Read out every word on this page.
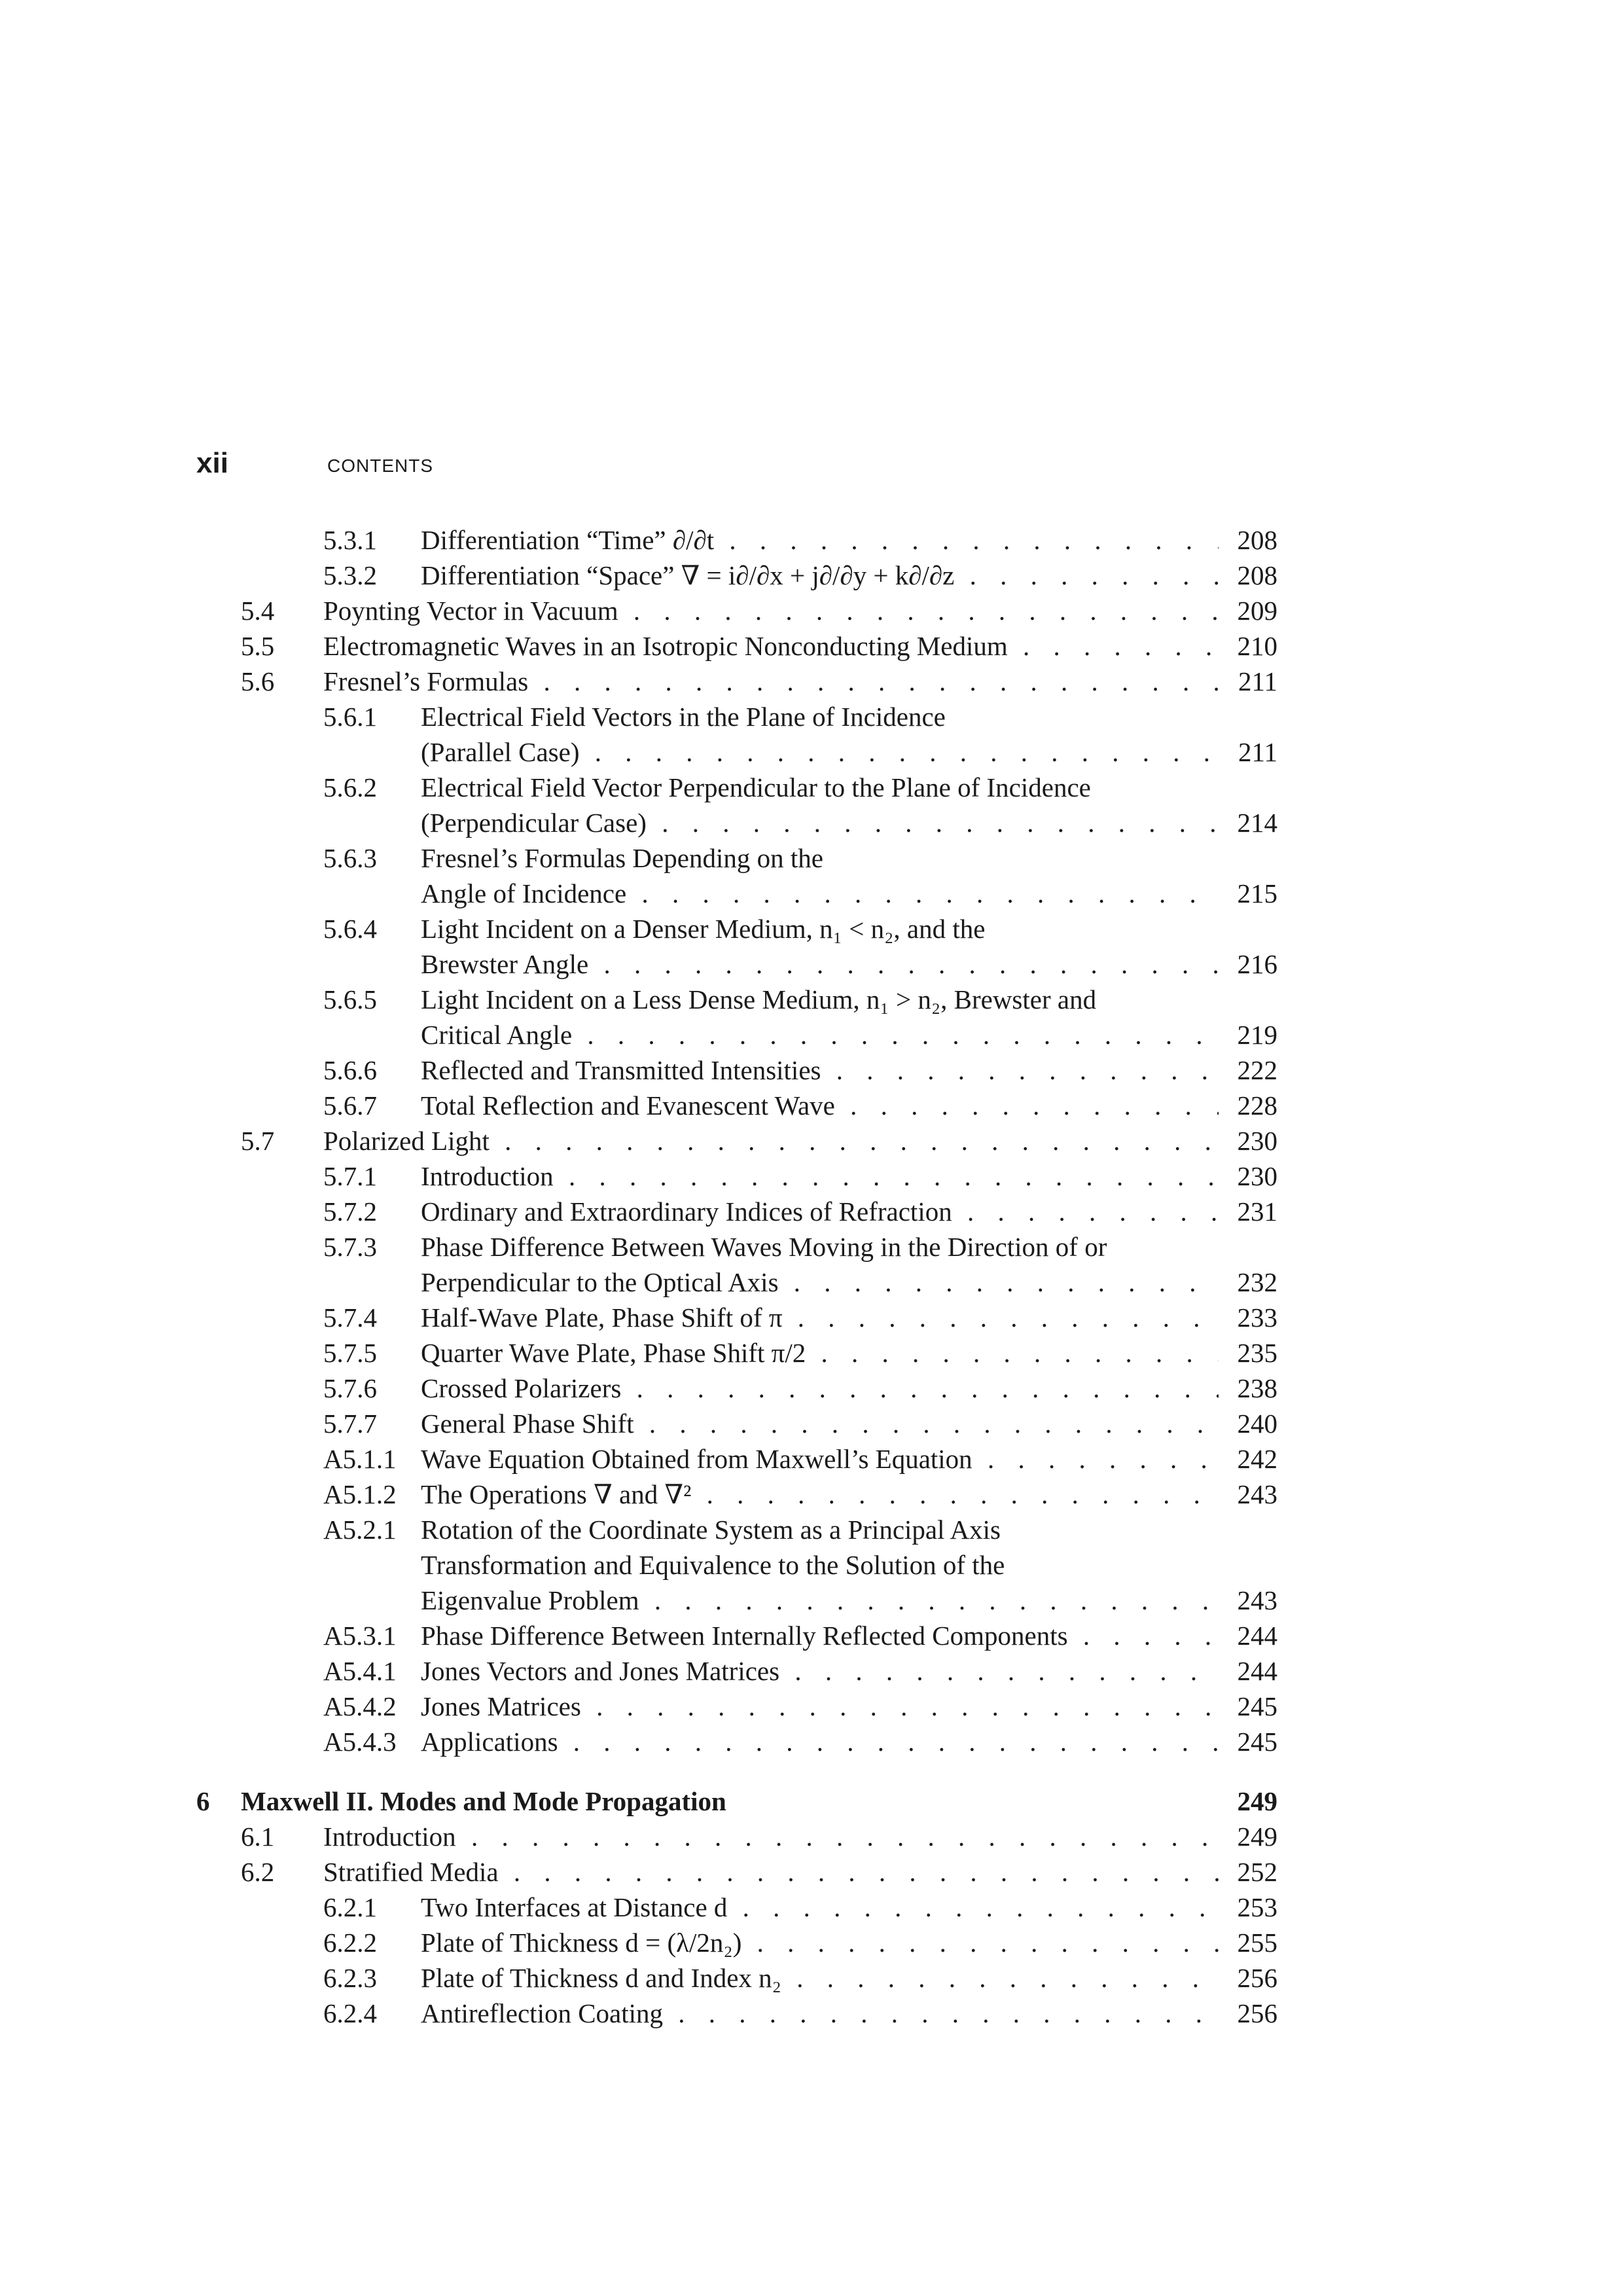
xii	CONTENTS
5.3.1 Differentiation “Time” ∂/∂t . . .	208
5.3.2 Differentiation “Space” ∇ = i∂/∂x + j∂/∂y + k∂/∂z . . .	208
5.4 Poynting Vector in Vacuum . . .	209
5.5 Electromagnetic Waves in an Isotropic Nonconducting Medium . . .	210
5.6 Fresnel’s Formulas . . .	211
5.6.1 Electrical Field Vectors in the Plane of Incidence
(Parallel Case) . . .	211
5.6.2 Electrical Field Vector Perpendicular to the Plane of Incidence
(Perpendicular Case) . . .	214
5.6.3 Fresnel’s Formulas Depending on the
Angle of Incidence . . .	215
5.6.4 Light Incident on a Denser Medium, n₁ < n₂, and the
Brewster Angle . . .	216
5.6.5 Light Incident on a Less Dense Medium, n₁ > n₂, Brewster and
Critical Angle . . .	219
5.6.6 Reflected and Transmitted Intensities . . .	222
5.6.7 Total Reflection and Evanescent Wave . . .	228
5.7 Polarized Light . . .	230
5.7.1 Introduction . . .	230
5.7.2 Ordinary and Extraordinary Indices of Refraction . . .	231
5.7.3 Phase Difference Between Waves Moving in the Direction of or
Perpendicular to the Optical Axis . . .	232
5.7.4 Half-Wave Plate, Phase Shift of π . . .	233
5.7.5 Quarter Wave Plate, Phase Shift π/2 . . .	235
5.7.6 Crossed Polarizers . . .	238
5.7.7 General Phase Shift . . .	240
A5.1.1 Wave Equation Obtained from Maxwell’s Equation . . .	242
A5.1.2 The Operations ∇ and ∇² . . .	243
A5.2.1 Rotation of the Coordinate System as a Principal Axis
Transformation and Equivalence to the Solution of the
Eigenvalue Problem . . .	243
A5.3.1 Phase Difference Between Internally Reflected Components . . .	244
A5.4.1 Jones Vectors and Jones Matrices . . .	244
A5.4.2 Jones Matrices . . .	245
A5.4.3 Applications . . .	245
6 Maxwell II. Modes and Mode Propagation	249
6.1 Introduction . . .	249
6.2 Stratified Media . . .	252
6.2.1 Two Interfaces at Distance d . . .	253
6.2.2 Plate of Thickness d = (λ/2n₂) . . .	255
6.2.3 Plate of Thickness d and Index n₂ . . .	256
6.2.4 Antireflection Coating . . .	256
